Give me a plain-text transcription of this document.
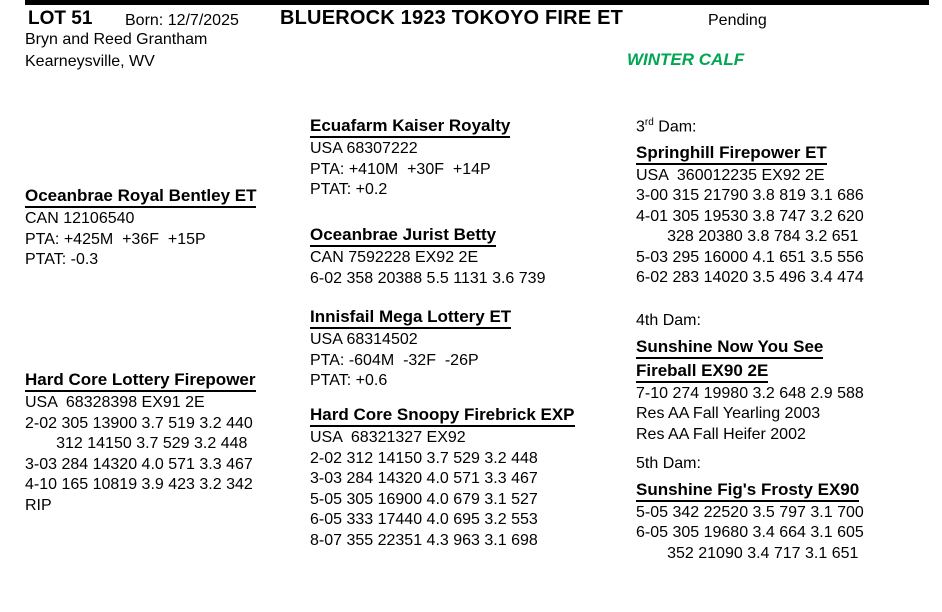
LOT 51 Born: 12/7/2025 BLUEROCK 1923 TOKOYO FIRE ET	Pending
Bryn and Reed Grantham
Kearneysville, WV	WINTER CALF
Oceanbrae Royal Bentley ET
CAN 12106540
PTA: +425M  +36F  +15P
PTAT: -0.3
Hard Core Lottery Firepower
USA  68328398 EX91 2E
2-02 305 13900 3.7 519 3.2 440
312 14150 3.7 529 3.2 448
3-03 284 14320 4.0 571 3.3 467
4-10 165 10819 3.9 423 3.2 342
RIP
Ecuafarm Kaiser Royalty
USA 68307222
PTA: +410M  +30F  +14P
PTAT: +0.2
Oceanbrae Jurist Betty
CAN 7592228 EX92 2E
6-02 358 20388 5.5 1131 3.6 739
Innisfail Mega Lottery ET
USA 68314502
PTA: -604M  -32F  -26P
PTAT: +0.6
Hard Core Snoopy Firebrick EXP
USA  68321327 EX92
2-02 312 14150 3.7 529 3.2 448
3-03 284 14320 4.0 571 3.3 467
5-05 305 16900 4.0 679 3.1 527
6-05 333 17440 4.0 695 3.2 553
8-07 355 22351 4.3 963 3.1 698
3rd Dam:
Springhill Firepower ET
USA  360012235 EX92 2E
3-00 315 21790 3.8 819 3.1 686
4-01 305 19530 3.8 747 3.2 620
328 20380 3.8 784 3.2 651
5-03 295 16000 4.1 651 3.5 556
6-02 283 14020 3.5 496 3.4 474
4th Dam:
Sunshine Now You See
Fireball EX90 2E
7-10 274 19980 3.2 648 2.9 588
Res AA Fall Yearling 2003
Res AA Fall Heifer 2002
5th Dam:
Sunshine Fig's Frosty EX90
5-05 342 22520 3.5 797 3.1 700
6-05 305 19680 3.4 664 3.1 605
352 21090 3.4 717 3.1 651
